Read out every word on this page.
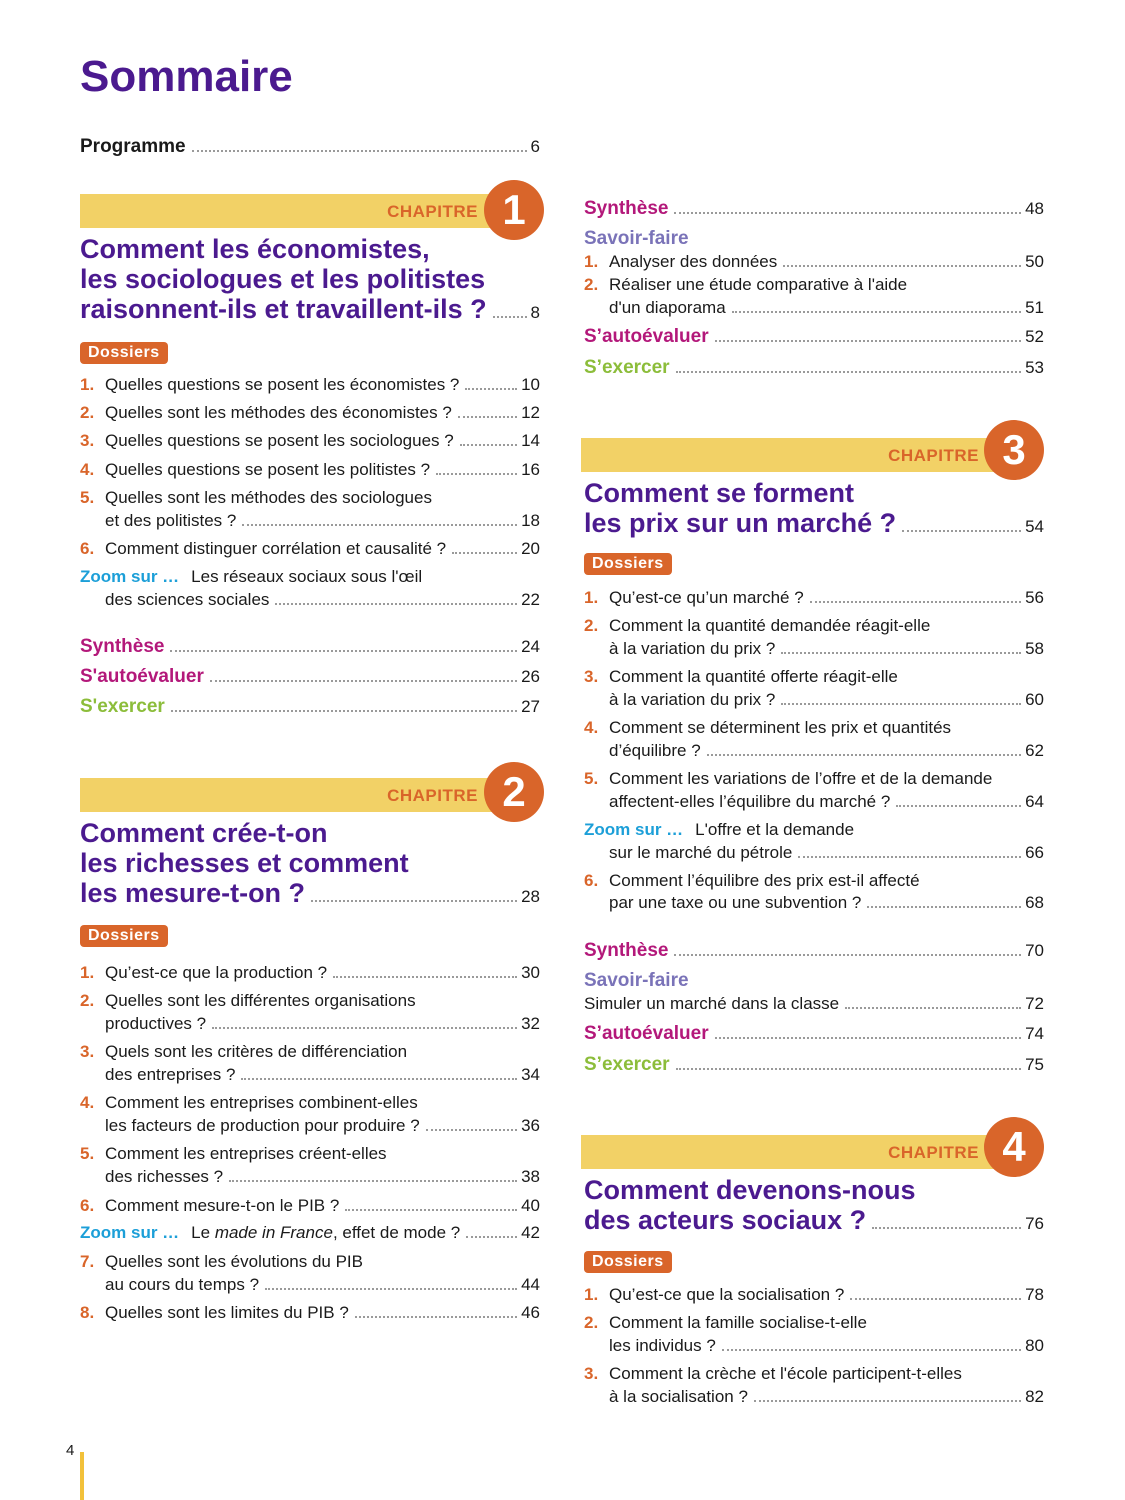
Sommaire
Programme	6
CHAPITRE 1
Comment les économistes,
les sociologues et les politistes
raisonnent-ils et travaillent-ils ?	8
Dossiers
1. Quelles questions se posent les économistes ?	10
2. Quelles sont les méthodes des économistes ?	12
3. Quelles questions se posent les sociologues ?	14
4. Quelles questions se posent les politistes ?	16
5. Quelles sont les méthodes des sociologues
et des politistes ?	18
6. Comment distinguer corrélation et causalité ?	20
Zoom sur … Les réseaux sociaux sous l'œil
des sciences sociales	22
Synthèse	24
S'autoévaluer	26
S'exercer	27
CHAPITRE 2
Comment crée-t-on
les richesses et comment
les mesure-t-on ?	28
Dossiers
1. Qu’est-ce que la production ?	30
2. Quelles sont les différentes organisations
productives ?	32
3. Quels sont les critères de différenciation
des entreprises ?	34
4. Comment les entreprises combinent-elles
les facteurs de production pour produire ?	36
5. Comment les entreprises créent-elles
des richesses ?	38
6. Comment mesure-t-on le PIB ?	40
Zoom sur … Le made in France, effet de mode ?	42
7. Quelles sont les évolutions du PIB
au cours du temps ?	44
8. Quelles sont les limites du PIB ?	46
Synthèse	48
Savoir-faire
1. Analyser des données	50
2. Réaliser une étude comparative à l'aide
d'un diaporama	51
S’autoévaluer	52
S’exercer	53
CHAPITRE 3
Comment se forment
les prix sur un marché ?	54
Dossiers
1. Qu’est-ce qu’un marché ?	56
2. Comment la quantité demandée réagit-elle
à la variation du prix ?	58
3. Comment la quantité offerte réagit-elle
à la variation du prix ?	60
4. Comment se déterminent les prix et quantités
d’équilibre ?	62
5. Comment les variations de l’offre et de la demande
affectent-elles l’équilibre du marché ?	64
Zoom sur … L'offre et la demande
sur le marché du pétrole	66
6. Comment l’équilibre des prix est-il affecté
par une taxe ou une subvention ?	68
Synthèse	70
Savoir-faire
Simuler un marché dans la classe	72
S’autoévaluer	74
S’exercer	75
CHAPITRE 4
Comment devenons-nous
des acteurs sociaux ?	76
Dossiers
1. Qu’est-ce que la socialisation ?	78
2. Comment la famille socialise-t-elle
les individus ?	80
3. Comment la crèche et l'école participent-t-elles
à la socialisation ?	82
4
